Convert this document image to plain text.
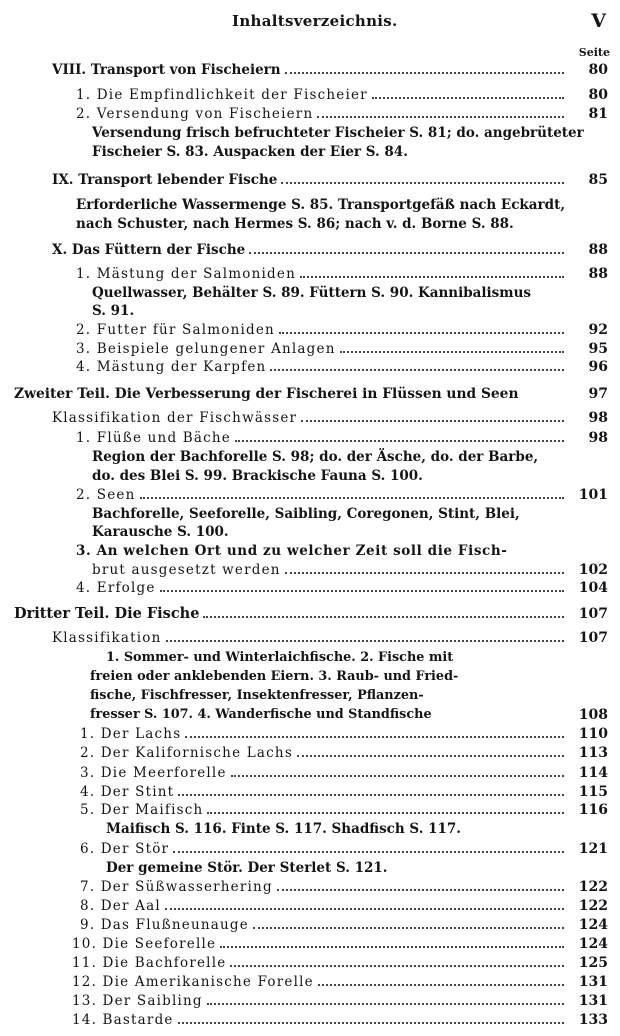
Inhaltsverzeichnis.	V
Seite
VIII. Transport von Fischeiern	80
1. Die Empfindlichkeit der Fischeier	80
2. Versendung von Fischeiern	81
Versendung frisch befruchteter Fischeier S. 81; do. angebrüteter
Fischeier S. 83. Auspacken der Eier S. 84.
IX. Transport lebender Fische	85
Erforderliche Wassermenge S. 85. Transportgefäß nach Eckardt,
nach Schuster, nach Hermes S. 86; nach v. d. Borne S. 88.
X. Das Füttern der Fische	88
1. Mästung der Salmoniden	88
Quellwasser, Behälter S. 89. Füttern S. 90. Kannibalismus
S. 91.
2. Futter für Salmoniden	92
3. Beispiele gelungener Anlagen	95
4. Mästung der Karpfen	96
Zweiter Teil. Die Verbesserung der Fischerei in Flüssen und Seen	97
Klassifikation der Fischwässer	98
1. Flüße und Bäche	98
Region der Bachforelle S. 98; do. der Äsche, do. der Barbe,
do. des Blei S. 99. Brackische Fauna S. 100.
2. Seen	101
Bachforelle, Seeforelle, Saibling, Coregonen, Stint, Blei,
Karausche S. 100.
3. An welchen Ort und zu welcher Zeit soll die Fisch-
brut ausgesetzt werden	102
4. Erfolge	104
Dritter Teil. Die Fische	107
Klassifikation	107
1. Sommer- und Winterlaichfische. 2. Fische mit
freien oder anklebenden Eiern. 3. Raub- und Fried-
fische, Fischfresser, Insektenfresser, Pflanzen-
fresser S. 107. 4. Wanderfische und Standfische	108
1. Der Lachs	110
2. Der Kalifornische Lachs	113
3. Die Meerforelle	114
4. Der Stint	115
5. Der Maifisch	116
Maifisch S. 116. Finte S. 117. Shadfisch S. 117.
6. Der Stör	121
Der gemeine Stör. Der Sterlet S. 121.
7. Der Süßwasserhering	122
8. Der Aal	122
9. Das Flußneunauge	124
10. Die Seeforelle	124
11. Die Bachforelle	125
12. Die Amerikanische Forelle	131
13. Der Saibling	131
14. Bastarde	133
